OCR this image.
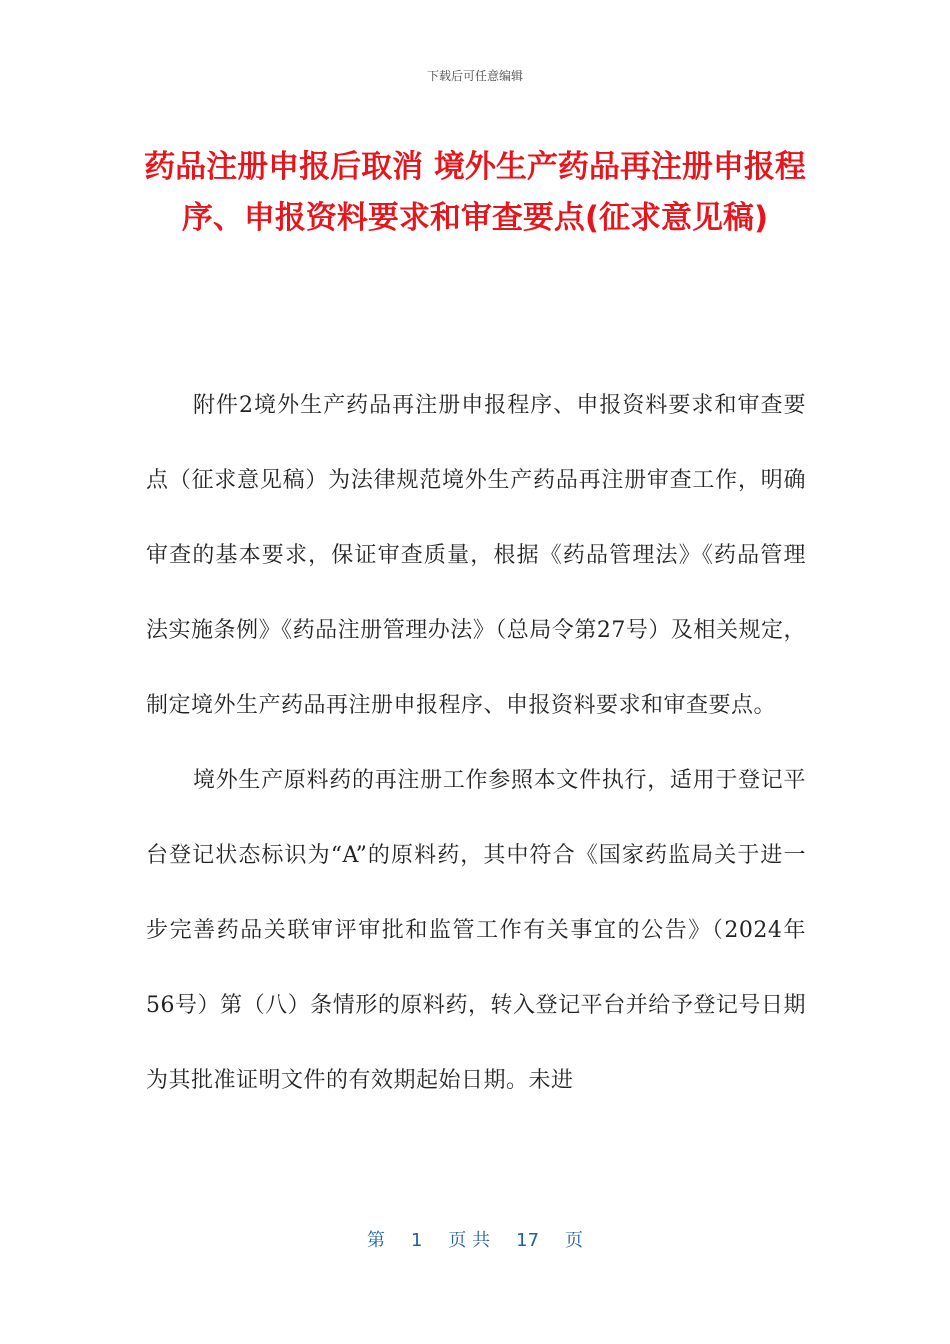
下载后可任意编辑
药品注册申报后取消 境外生产药品再注册申报程序、申报资料要求和审查要点(征求意见稿)

附件2境外生产药品再注册申报程序、申报资料要求和审查要点（征求意见稿）为法律规范境外生产药品再注册审查工作，明确审查的基本要求，保证审查质量，根据《药品管理法》《药品管理法实施条例》《药品注册管理办法》（总局令第27号）及相关规定，制定境外生产药品再注册申报程序、申报资料要求和审查要点。

境外生产原料药的再注册工作参照本文件执行，适用于登记平台登记状态标识为“A”的原料药，其中符合《国家药监局关于进一步完善药品关联审评审批和监管工作有关事宜的公告》（2024年56号）第（八）条情形的原料药，转入登记平台并给予登记号日期为其批准证明文件的有效期起始日期。未进

第 1 页 共 17 页
